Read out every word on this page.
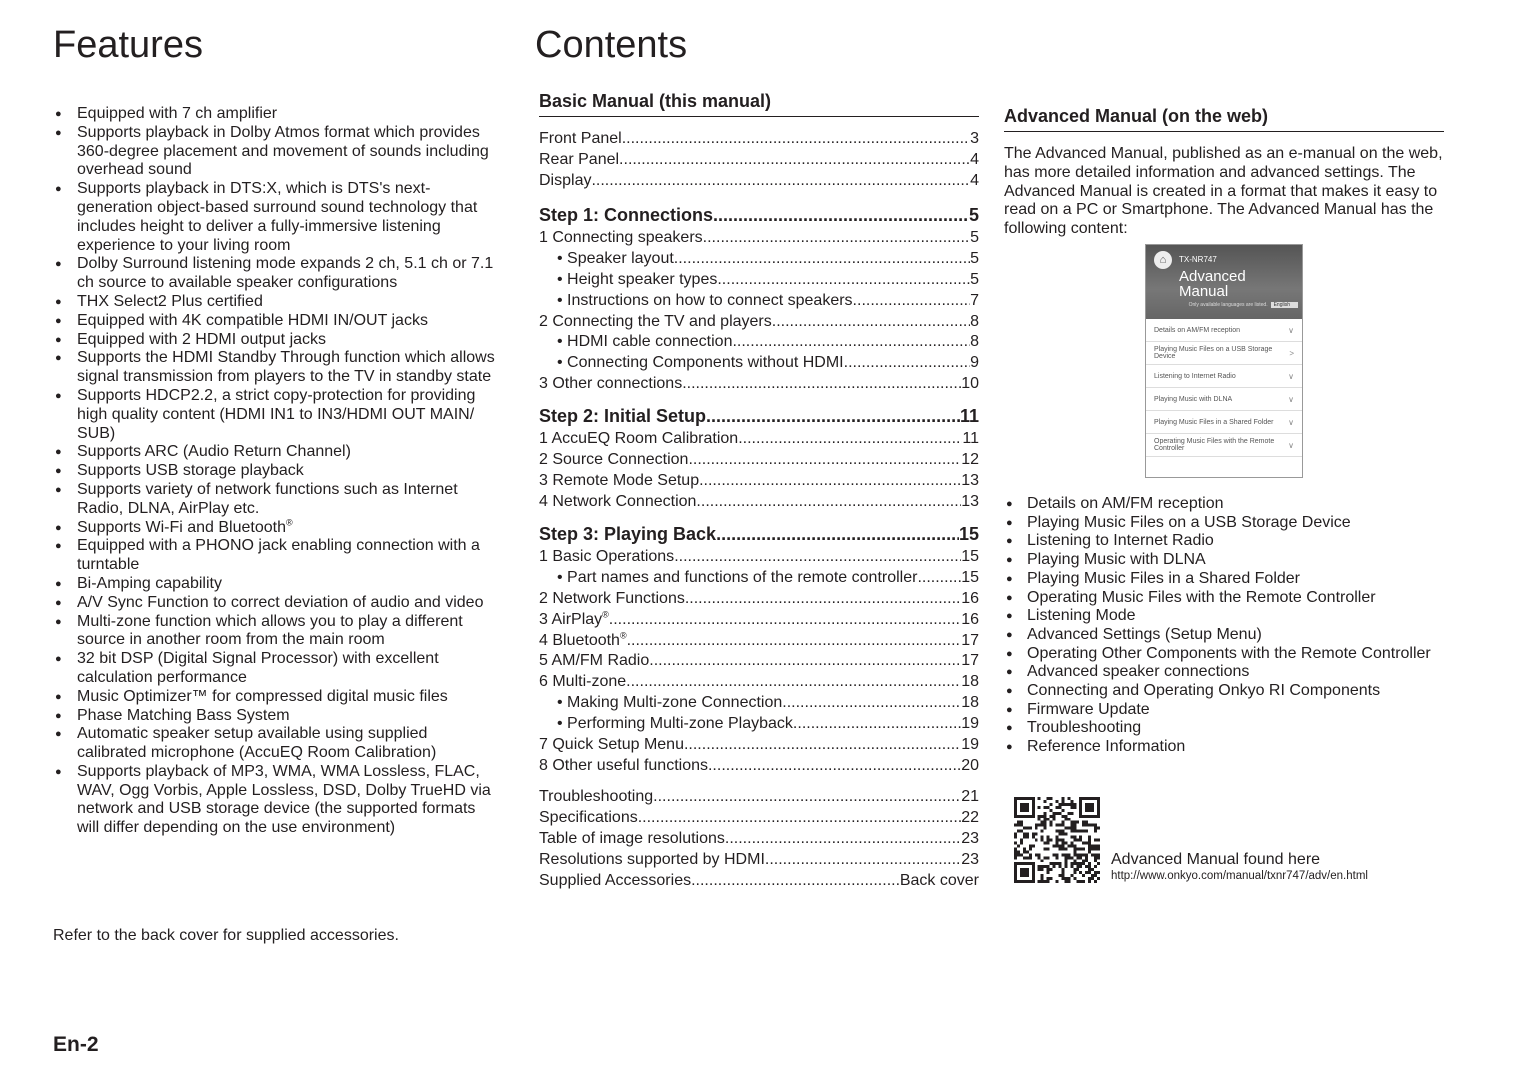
Features	Contents
● Equipped with 7 ch amplifier
● Supports playback in Dolby Atmos format which provides 360-degree placement and movement of sounds including overhead sound
● Supports playback in DTS:X, which is DTS's next-generation object-based surround sound technology that includes height to deliver a fully-immersive listening experience to your living room
● Dolby Surround listening mode expands 2 ch, 5.1 ch or 7.1 ch source to available speaker configurations
● THX Select2 Plus certified
● Equipped with 4K compatible HDMI IN/OUT jacks
● Equipped with 2 HDMI output jacks
● Supports the HDMI Standby Through function which allows signal transmission from players to the TV in standby state
● Supports HDCP2.2, a strict copy-protection for providing high quality content (HDMI IN1 to IN3/HDMI OUT MAIN/ SUB)
● Supports ARC (Audio Return Channel)
● Supports USB storage playback
● Supports variety of network functions such as Internet Radio, DLNA, AirPlay etc.
● Supports Wi-Fi and Bluetooth®
● Equipped with a PHONO jack enabling connection with a turntable
● Bi-Amping capability
● A/V Sync Function to correct deviation of audio and video
● Multi-zone function which allows you to play a different source in another room from the main room
● 32 bit DSP (Digital Signal Processor) with excellent calculation performance
● Music Optimizer™ for compressed digital music files
● Phase Matching Bass System
● Automatic speaker setup available using supplied calibrated microphone (AccuEQ Room Calibration)
● Supports playback of MP3, WMA, WMA Lossless, FLAC, WAV, Ogg Vorbis, Apple Lossless, DSD, Dolby TrueHD via network and USB storage device (the supported formats will differ depending on the use environment)
Refer to the back cover for supplied accessories.
En-2
Basic Manual (this manual)
Front Panel .....	3
Rear Panel .....	4
Display .....	4
Step 1: Connections .....	5
1 Connecting speakers .....	5
• Speaker layout .....	5
• Height speaker types .....	5
• Instructions on how to connect speakers .....	7
2 Connecting the TV and players .....	8
• HDMI cable connection .....	8
• Connecting Components without HDMI .....	9
3 Other connections .....	10
Step 2: Initial Setup .....	11
1 AccuEQ Room Calibration .....	11
2 Source Connection .....	12
3 Remote Mode Setup .....	13
4 Network Connection .....	13
Step 3: Playing Back .....	15
1 Basic Operations .....	15
• Part names and functions of the remote controller .....	15
2 Network Functions .....	16
3 AirPlay® .....	16
4 Bluetooth® .....	17
5 AM/FM Radio .....	17
6 Multi-zone .....	18
• Making Multi-zone Connection .....	18
• Performing Multi-zone Playback .....	19
7 Quick Setup Menu .....	19
8 Other useful functions .....	20
Troubleshooting .....	21
Specifications .....	22
Table of image resolutions .....	23
Resolutions supported by HDMI .....	23
Supplied Accessories .....	Back cover
Advanced Manual (on the web)
The Advanced Manual, published as an e-manual on the web, has more detailed information and advanced settings. The Advanced Manual is created in a format that makes it easy to read on a PC or Smartphone. The Advanced Manual has the following content:
⌂	TX-NR747
Advanced
Manual
Only available languages are listed. English
Details on AM/FM reception	∨
Playing Music Files on a USB Storage Device	>
Listening to Internet Radio	∨
Playing Music with DLNA	∨
Playing Music Files in a Shared Folder ∨
Operating Music Files with the Remote Controller	∨
● Details on AM/FM reception
● Playing Music Files on a USB Storage Device
● Listening to Internet Radio
● Playing Music with DLNA
● Playing Music Files in a Shared Folder
● Operating Music Files with the Remote Controller
● Listening Mode
● Advanced Settings (Setup Menu)
● Operating Other Components with the Remote Controller
● Advanced speaker connections
● Connecting and Operating Onkyo RI Components
● Firmware Update
● Troubleshooting
● Reference Information
Advanced Manual found here
http://www.onkyo.com/manual/txnr747/adv/en.html
